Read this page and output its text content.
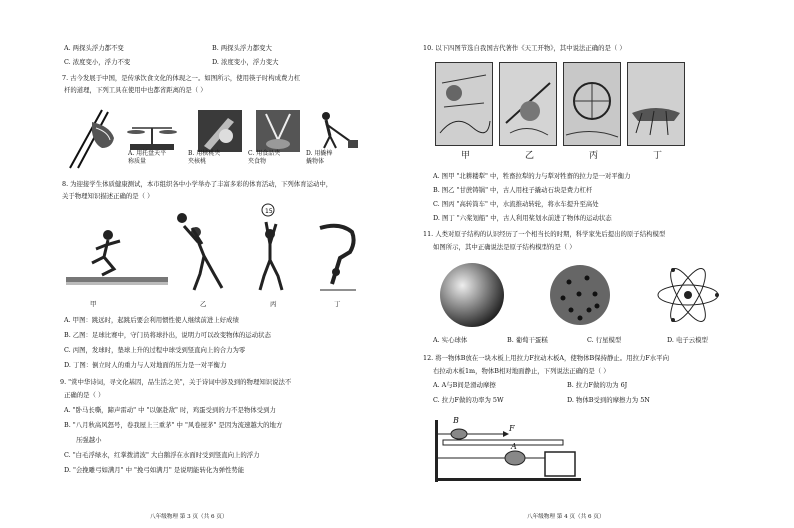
A. 两探头浮力都不变	B. 两探头浮力都变大
C. 浓度变小，浮力不变	D. 浓度变小，浮力变大
7. 古今发展于中国，是传承饮食文化的体现之一。如图所示，使用筷子时构成费力杠
杆的道理，下列工具在使用中也都省距离的是（ ）
A. 用托盘天平
称质量
B. 用核桃夹
夹核桃
C. 用食品夹
夹食物
D. 用撬棒
撬物体
8. 为迎接学生体质健康测试，本市组织各中小学举办了丰富多彩的体育活动，下列体育运动中，
关于物理知识描述正确的是（ ）
15
甲	乙	丙	丁
A. 甲图：跳远时，起跳后要会利用惯性使人继续前进上好成绩
B. 乙图：足球比赛中，守门员将球扑出，说明力可以改变物体的运动状态
C. 丙图，发球时，垫球上升的过程中球受到竖直向上的合力为零
D. 丁图：倒立时人的重力与人对地面的压力是一对平衡力
9. "赏中华诗词，寻文化基因，品生活之美"，关于诗词中涉及到的物理知识说法不
正确的是（ ）
A. "卧马长嘶，蹄声雷动" 中 "以躯赴敌" 时，鸡蛋受到的力不是物体受到力
B. "八月秋高风怒号，卷我屋上三重茅" 中 "风卷屋茅" 是因为流速越大的地方
压强越小
C. "白毛浮绿水，红掌拨清波" 大白鹅浮在水面时受到竖直向上的浮力
D. "会挽雕弓如满月" 中 "挽弓如满月" 是说明能转化为弹性势能
八年级物理 第 3 页（共 6 页）
10. 以下四图节选自我国古代著作《天工开物》，其中说法正确的是（ ）
甲	乙	丙	丁
A. 图甲 "北耕耧犁" 中，牲畜拉犁的力与犁对牲畜的拉力是一对平衡力
B. 图乙 "甘蔗铸锅" 中，古人用柱子撬动石块是费力杠杆
C. 图丙 "高转筒车" 中，水流推动转轮，将水车提升至高处
D. 图丁 "六桨划船" 中，古人利用桨划水前进了物体的运动状态
11. 人类对原子结构的认识经历了一个相当长的时期，科学家先后提出的原子结构模型
如图所示，其中正确说法是原子结构模型的是（ ）
A. 实心球体	B. 葡萄干蛋糕	C. 行星模型	D. 电子云模型
12. 将一物体B放在一块木板上用拉力F拉动木板A，使物体B保持静止。用拉力F水平向
右拉动木板1m，物体B相对地面静止，下列说法正确的是（ ）
A. A与B间是滑动摩擦	B. 拉力F做的功为 6J
C. 拉力F做的功率为 5W	D. 物体B受到的摩擦力为 5N
B
F
A
八年级物理 第 4 页（共 6 页）
